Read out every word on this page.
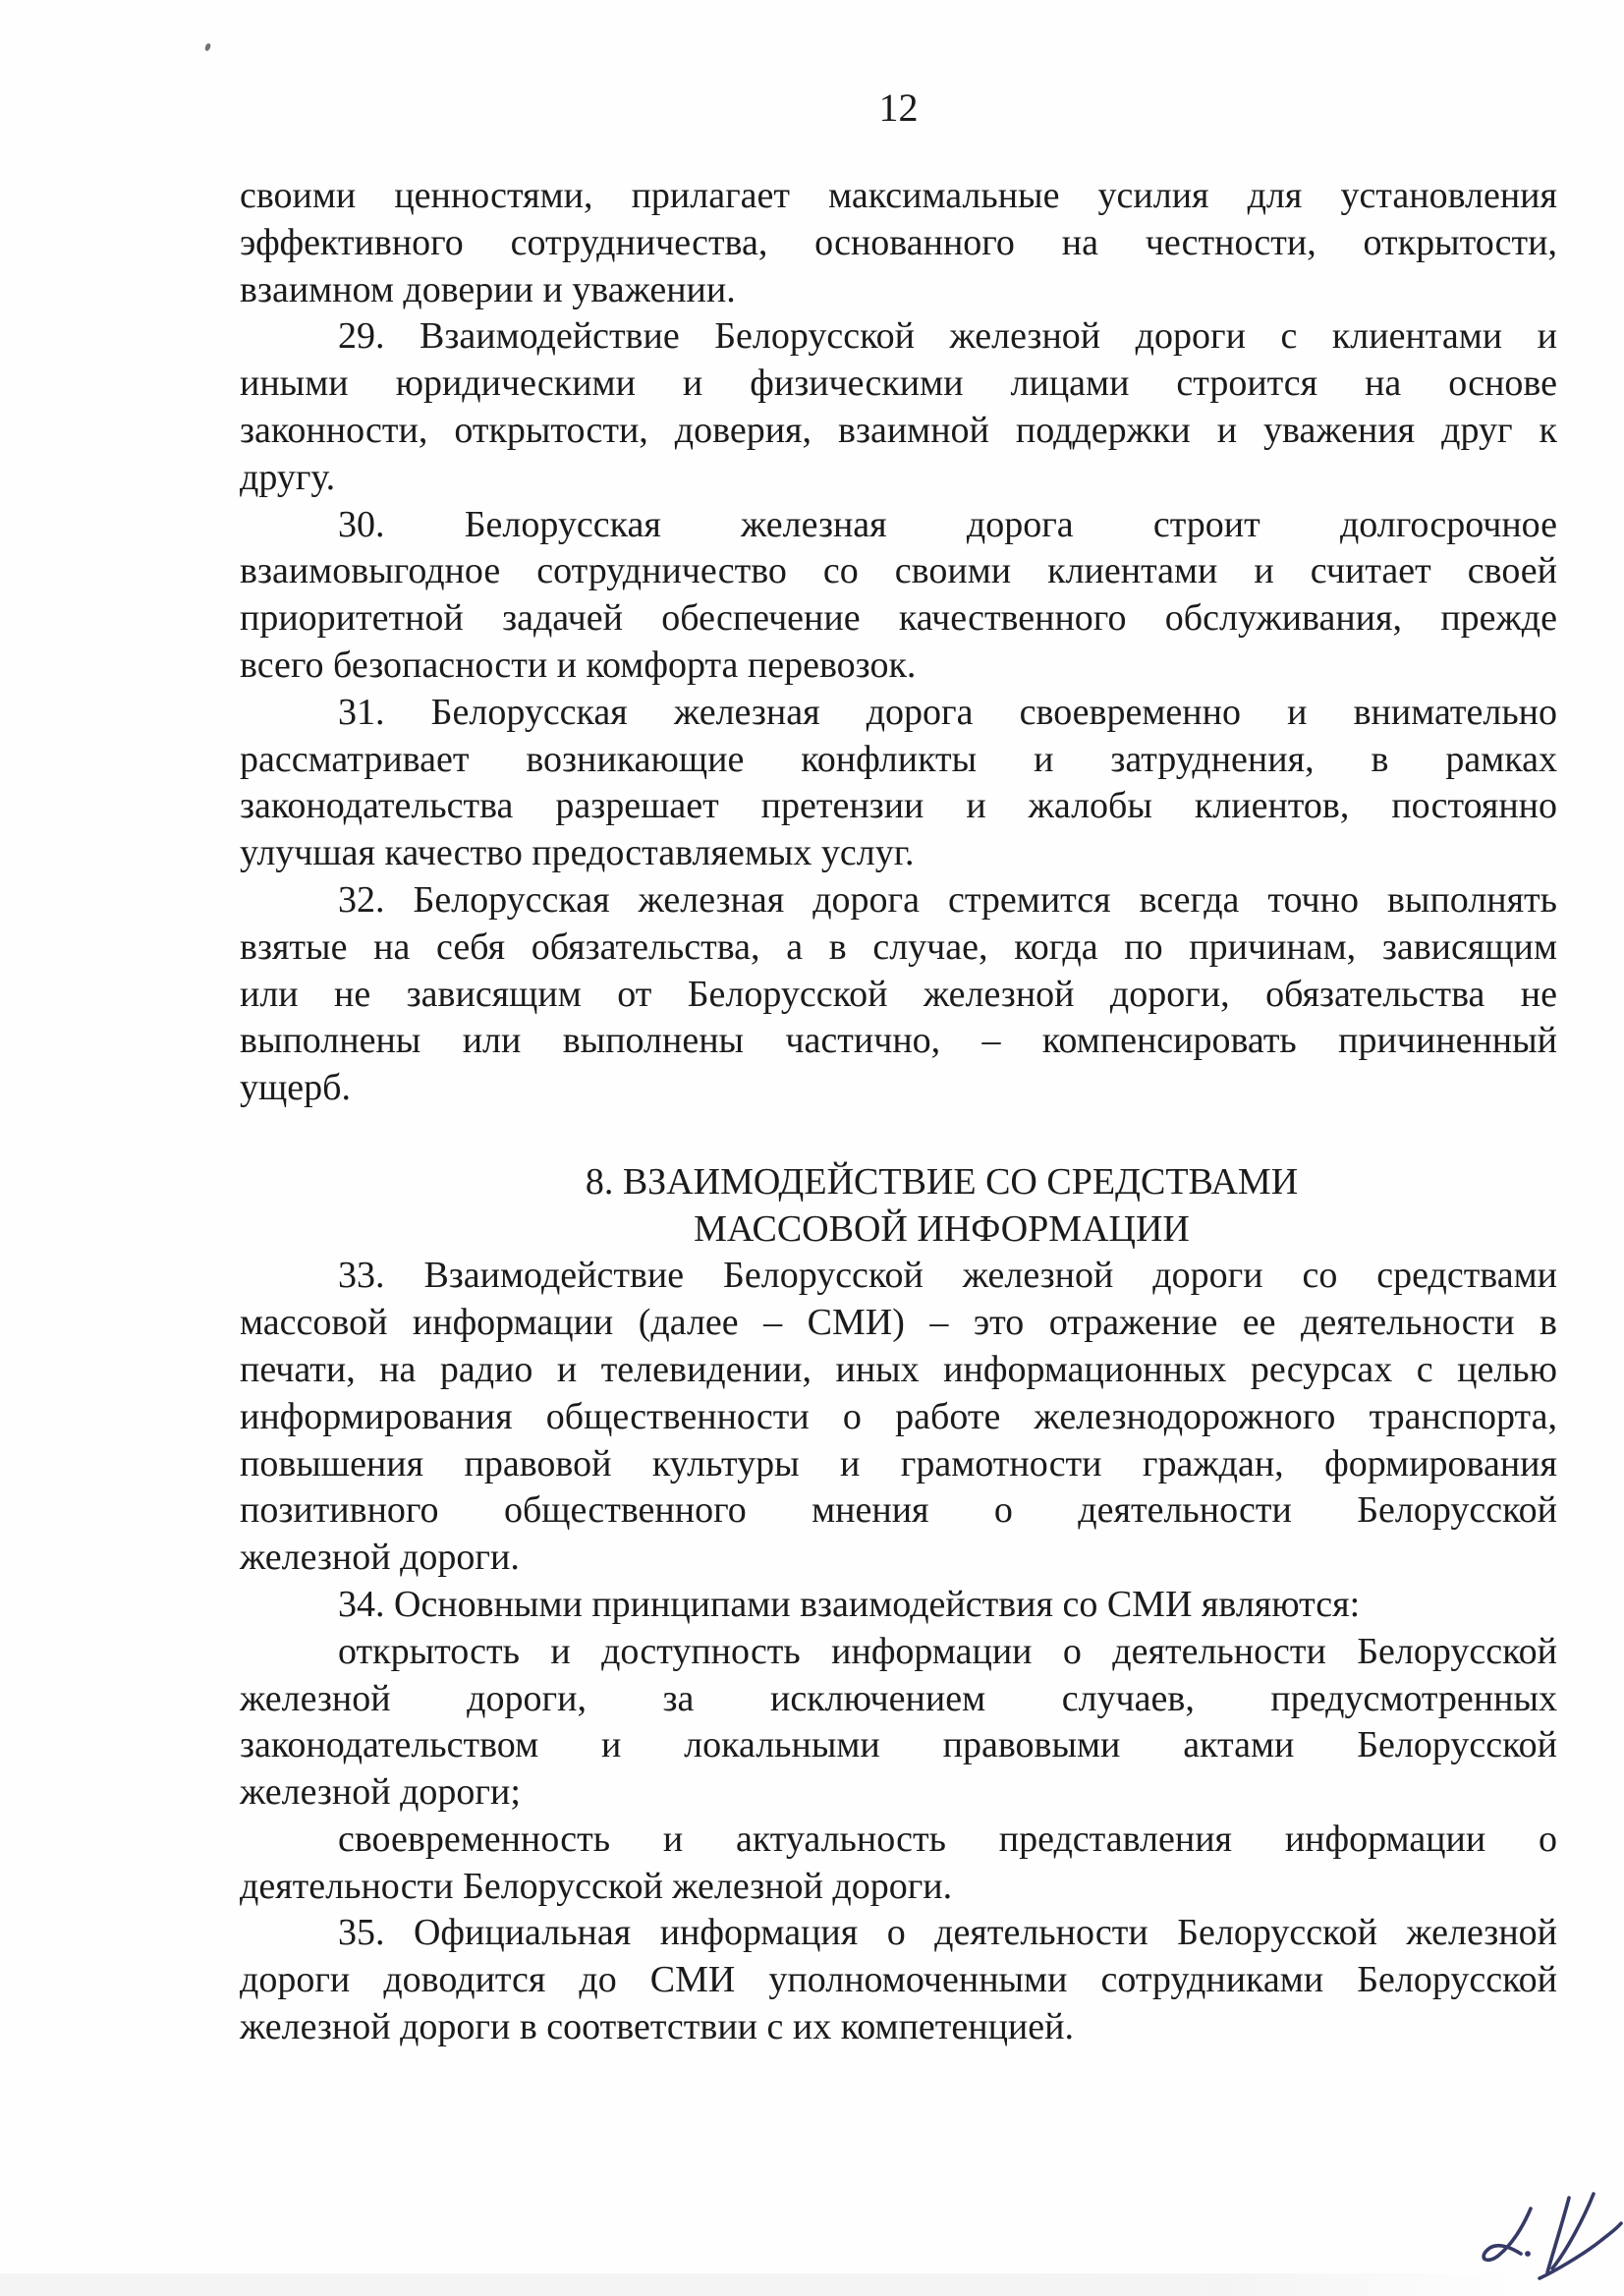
12
своими ценностями, прилагает максимальные усилия для установления
эффективного сотрудничества, основанного на честности, открытости,
взаимном доверии и уважении.
29. Взаимодействие Белорусской железной дороги с клиентами и
иными юридическими и физическими лицами строится на основе
законности, открытости, доверия, взаимной поддержки и уважения друг к
другу.
30. Белорусская железная дорога строит долгосрочное
взаимовыгодное сотрудничество со своими клиентами и считает своей
приоритетной задачей обеспечение качественного обслуживания, прежде
всего безопасности и комфорта перевозок.
31. Белорусская железная дорога своевременно и внимательно
рассматривает возникающие конфликты и затруднения, в рамках
законодательства разрешает претензии и жалобы клиентов, постоянно
улучшая качество предоставляемых услуг.
32. Белорусская железная дорога стремится всегда точно выполнять
взятые на себя обязательства, а в случае, когда по причинам, зависящим
или не зависящим от Белорусской железной дороги, обязательства не
выполнены или выполнены частично, – компенсировать причиненный
ущерб.
8. ВЗАИМОДЕЙСТВИЕ СО СРЕДСТВАМИ
МАССОВОЙ ИНФОРМАЦИИ
33. Взаимодействие Белорусской железной дороги со средствами
массовой информации (далее – СМИ) – это отражение ее деятельности в
печати, на радио и телевидении, иных информационных ресурсах с целью
информирования общественности о работе железнодорожного транспорта,
повышения правовой культуры и грамотности граждан, формирования
позитивного общественного мнения о деятельности Белорусской
железной дороги.
34. Основными принципами взаимодействия со СМИ являются:
открытость и доступность информации о деятельности Белорусской
железной дороги, за исключением случаев, предусмотренных
законодательством и локальными правовыми актами Белорусской
железной дороги;
своевременность и актуальность представления информации о
деятельности Белорусской железной дороги.
35. Официальная информация о деятельности Белорусской железной
дороги доводится до СМИ уполномоченными сотрудниками Белорусской
железной дороги в соответствии с их компетенцией.
